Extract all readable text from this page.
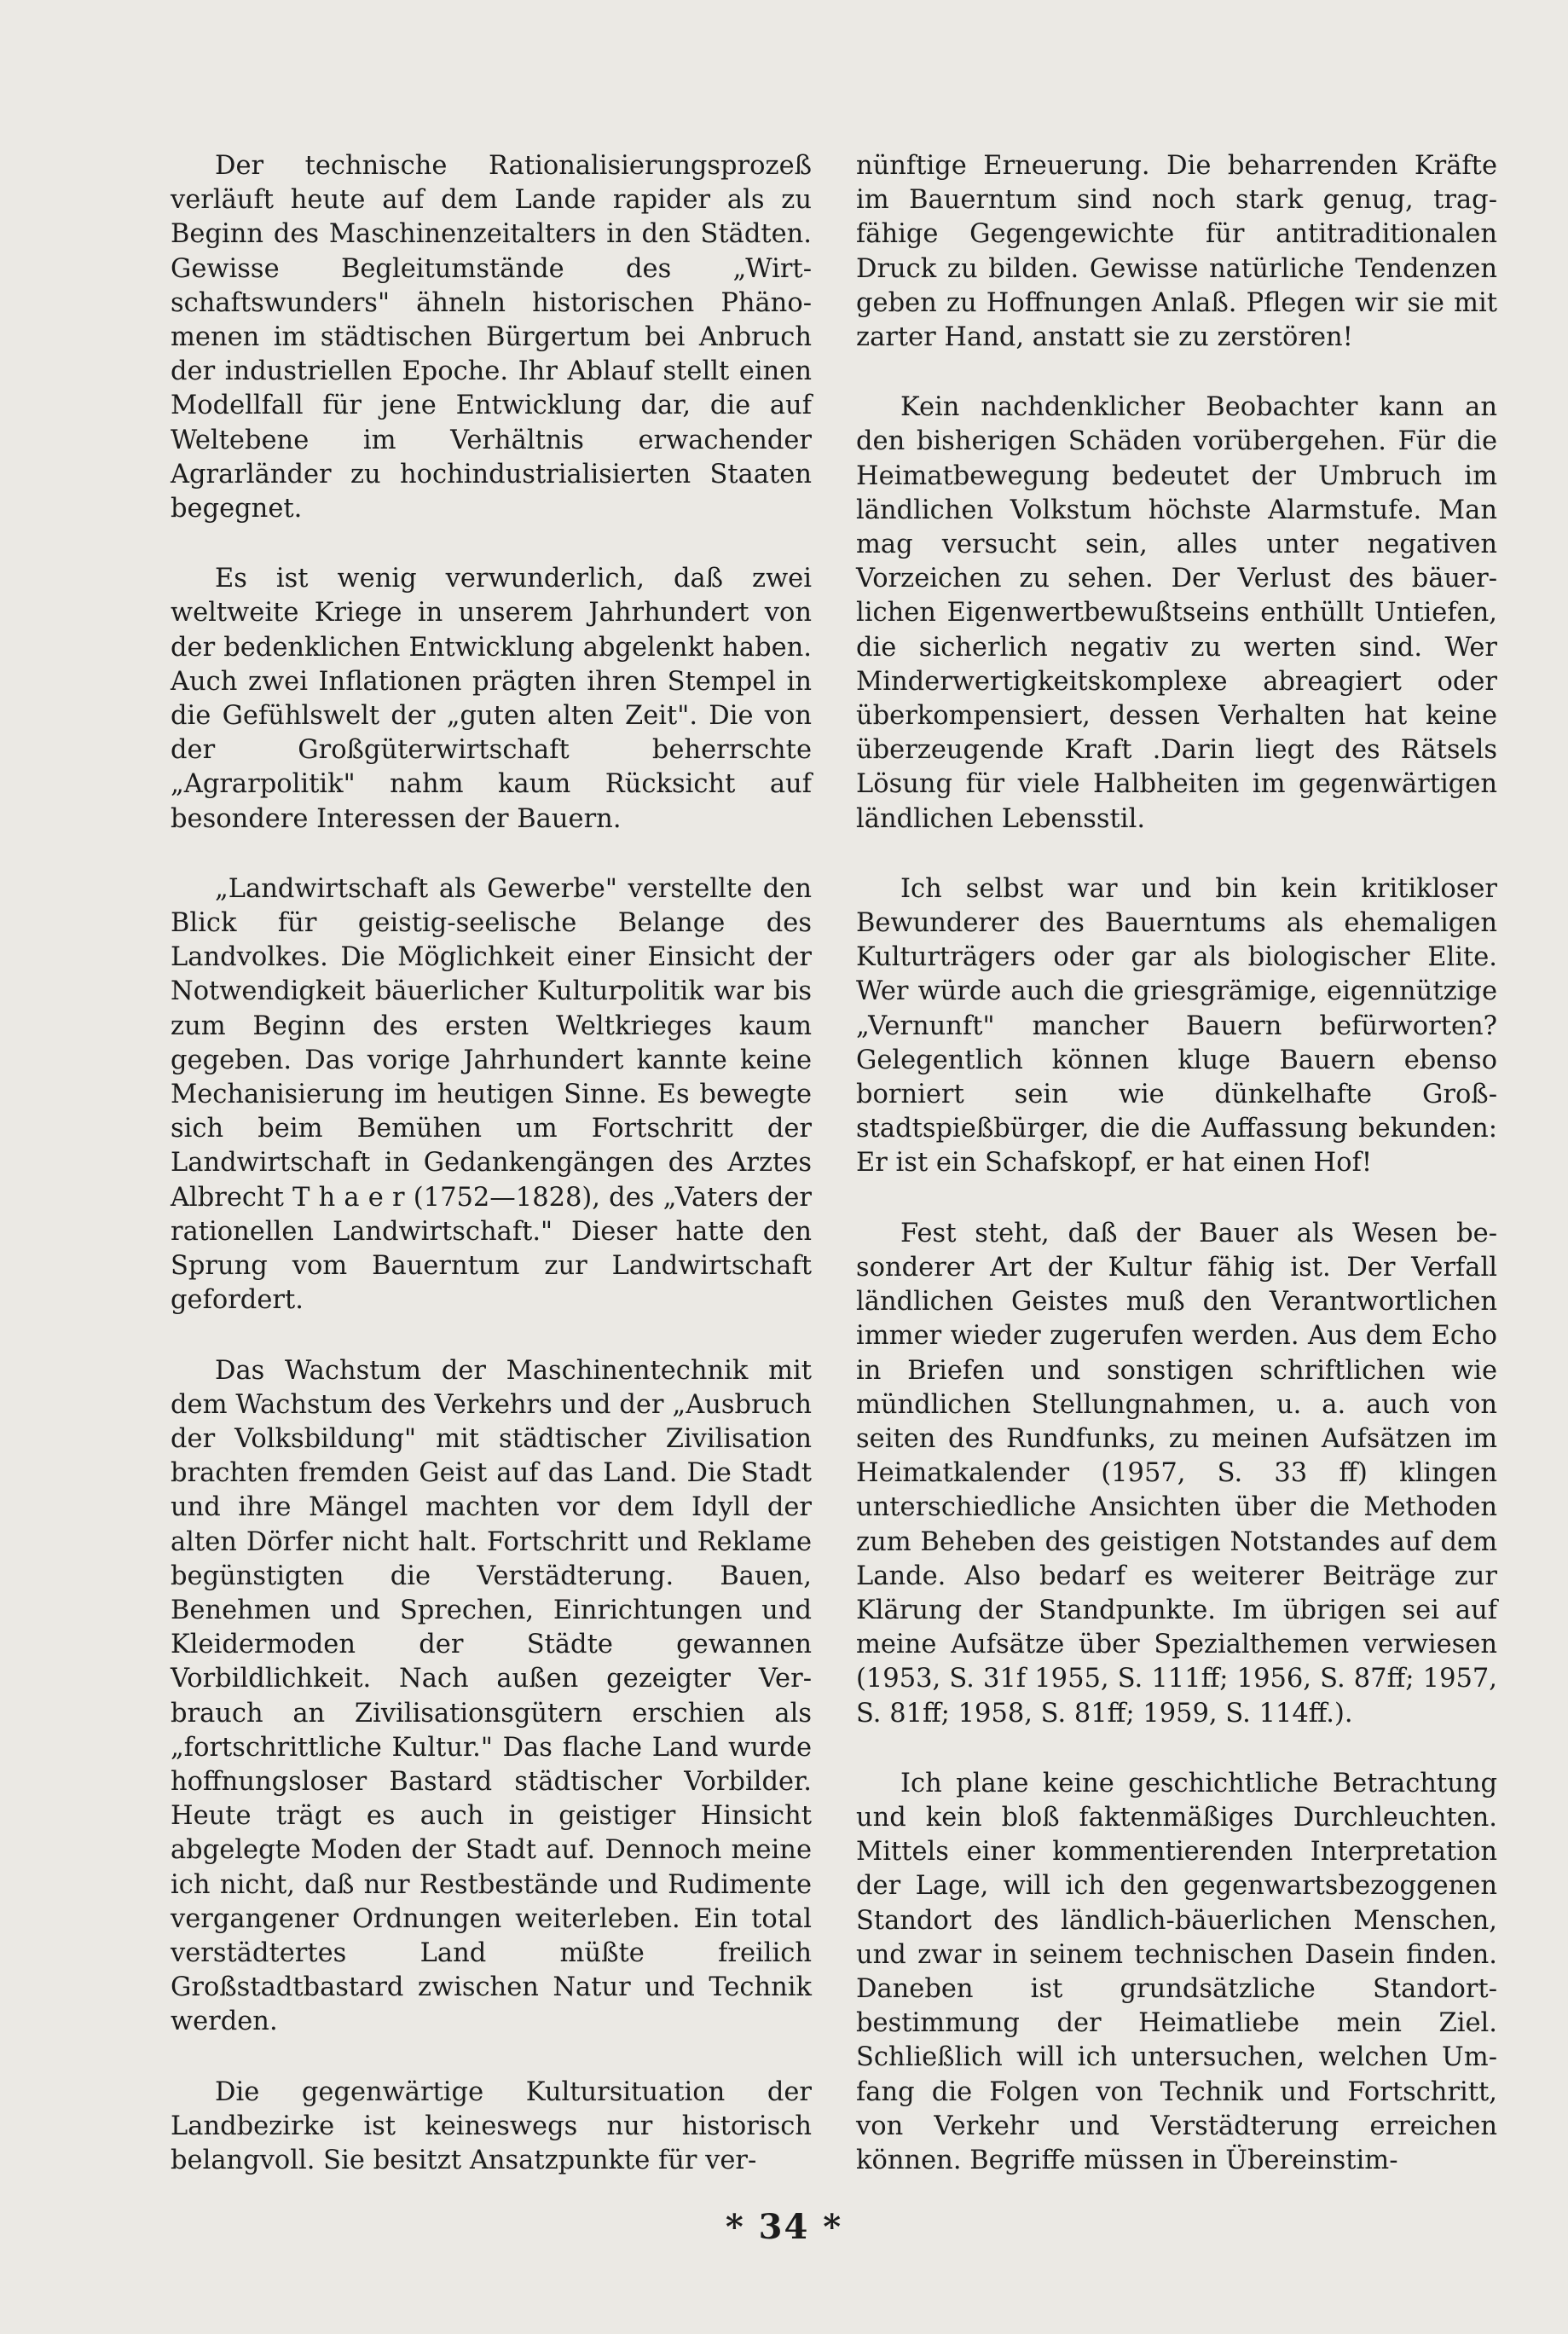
Der technische Rationalisierungsprozeß verläuft heute auf dem Lande rapider als zu Beginn des Maschinenzeitalters in den Städten. Gewisse Begleitumstände des „Wirtschaftswunders" ähneln historischen Phänomenen im städtischen Bürgertum bei Anbruch der industriellen Epoche. Ihr Ablauf stellt einen Modellfall für jene Entwicklung dar, die auf Weltebene im Verhältnis erwachender Agrarländer zu hochindustrialisierten Staaten begegnet.

Es ist wenig verwunderlich, daß zwei weltweite Kriege in unserem Jahrhundert von der bedenklichen Entwicklung abgelenkt haben. Auch zwei Inflationen prägten ihren Stempel in die Gefühlswelt der „guten alten Zeit". Die von der Großgüterwirtschaft beherrschte „Agrarpolitik" nahm kaum Rücksicht auf besondere Interessen der Bauern.

„Landwirtschaft als Gewerbe" verstellte den Blick für geistig-seelische Belange des Landvolkes. Die Möglichkeit einer Einsicht der Notwendigkeit bäuerlicher Kulturpolitik war bis zum Beginn des ersten Weltkrieges kaum gegeben. Das vorige Jahrhundert kannte keine Mechanisierung im heutigen Sinne. Es bewegte sich beim Bemühen um Fortschritt der Landwirtschaft in Gedankengängen des Arztes Albrecht T h a e r (1752—1828), des „Vaters der rationellen Landwirtschaft." Dieser hatte den Sprung vom Bauerntum zur Landwirtschaft gefordert.

Das Wachstum der Maschinentechnik mit dem Wachstum des Verkehrs und der „Ausbruch der Volksbildung" mit städtischer Zivilisation brachten fremden Geist auf das Land. Die Stadt und ihre Mängel machten vor dem Idyll der alten Dörfer nicht halt. Fortschritt und Reklame begünstigten die Verstädterung. Bauen, Benehmen und Sprechen, Einrichtungen und Kleidermoden der Städte gewannen Vorbildlichkeit. Nach außen gezeigter Verbrauch an Zivilisationsgütern erschien als „fortschrittliche Kultur." Das flache Land wurde hoffnungsloser Bastard städtischer Vorbilder. Heute trägt es auch in geistiger Hinsicht abgelegte Moden der Stadt auf. Dennoch meine ich nicht, daß nur Restbestände und Rudimente vergangener Ordnungen weiterleben. Ein total verstädtertes Land müßte freilich Großstadtbastard zwischen Natur und Technik werden.

Die gegenwärtige Kultursituation der Landbezirke ist keineswegs nur historisch belangvoll. Sie besitzt Ansatzpunkte für ver-

nünftige Erneuerung. Die beharrenden Kräfte im Bauerntum sind noch stark genug, tragfähige Gegengewichte für antitraditionalen Druck zu bilden. Gewisse natürliche Tendenzen geben zu Hoffnungen Anlaß. Pflegen wir sie mit zarter Hand, anstatt sie zu zerstören!

Kein nachdenklicher Beobachter kann an den bisherigen Schäden vorübergehen. Für die Heimatbewegung bedeutet der Umbruch im ländlichen Volkstum höchste Alarmstufe. Man mag versucht sein, alles unter negativen Vorzeichen zu sehen. Der Verlust des bäuerlichen Eigenwertbewußtseins enthüllt Untiefen, die sicherlich negativ zu werten sind. Wer Minderwertigkeitskomplexe abreagiert oder überkompensiert, dessen Verhalten hat keine überzeugende Kraft .Darin liegt des Rätsels Lösung für viele Halbheiten im gegenwärtigen ländlichen Lebensstil.

Ich selbst war und bin kein kritikloser Bewunderer des Bauerntums als ehemaligen Kulturträgers oder gar als biologischer Elite. Wer würde auch die griesgrämige, eigennützige „Vernunft" mancher Bauern befürworten? Gelegentlich können kluge Bauern ebenso borniert sein wie dünkelhafte Großstadtspießbürger, die die Auffassung bekunden: Er ist ein Schafskopf, er hat einen Hof!

Fest steht, daß der Bauer als Wesen besonderer Art der Kultur fähig ist. Der Verfall ländlichen Geistes muß den Verantwortlichen immer wieder zugerufen werden. Aus dem Echo in Briefen und sonstigen schriftlichen wie mündlichen Stellungnahmen, u. a. auch von seiten des Rundfunks, zu meinen Aufsätzen im Heimatkalender (1957, S. 33 ff) klingen unterschiedliche Ansichten über die Methoden zum Beheben des geistigen Notstandes auf dem Lande. Also bedarf es weiterer Beiträge zur Klärung der Standpunkte. Im übrigen sei auf meine Aufsätze über Spezialthemen verwiesen (1953, S. 31f 1955, S. 111ff; 1956, S. 87ff; 1957, S. 81ff; 1958, S. 81ff; 1959, S. 114ff.).

Ich plane keine geschichtliche Betrachtung und kein bloß faktenmäßiges Durchleuchten. Mittels einer kommentierenden Interpretation der Lage, will ich den gegenwartsbezoggenen Standort des ländlich-bäuerlichen Menschen, und zwar in seinem technischen Dasein finden. Daneben ist grundsätzliche Standortbestimmung der Heimatliebe mein Ziel. Schließlich will ich untersuchen, welchen Umfang die Folgen von Technik und Fortschritt, von Verkehr und Verstädterung erreichen können. Begriffe müssen in Übereinstim-

* 34 *
